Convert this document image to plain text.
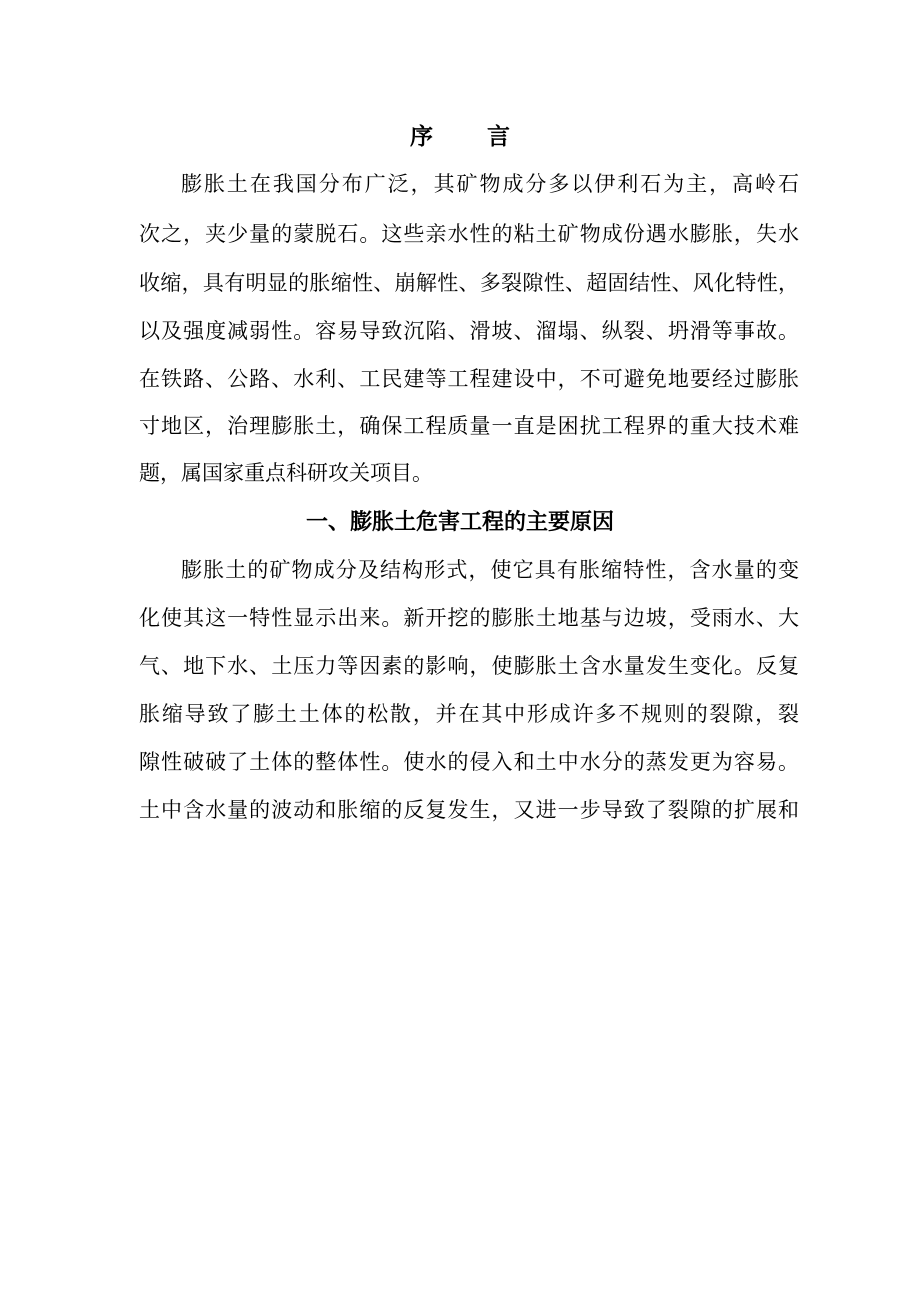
序 言
膨胀土在我国分布广泛，其矿物成分多以伊利石为主，高岭石
次之，夹少量的蒙脱石。这些亲水性的粘土矿物成份遇水膨胀，失水
收缩，具有明显的胀缩性、崩解性、多裂隙性、超固结性、风化特性，
以及强度减弱性。容易导致沉陷、滑坡、溜塌、纵裂、坍滑等事故。
在铁路、公路、水利、工民建等工程建设中，不可避免地要经过膨胀
寸地区，治理膨胀土，确保工程质量一直是困扰工程界的重大技术难
题，属国家重点科研攻关项目。
一、膨胀土危害工程的主要原因
膨胀土的矿物成分及结构形式，使它具有胀缩特性，含水量的变
化使其这一特性显示出来。新开挖的膨胀土地基与边坡，受雨水、大
气、地下水、土压力等因素的影响，使膨胀土含水量发生变化。反复
胀缩导致了膨土土体的松散，并在其中形成许多不规则的裂隙，裂
隙性破破了土体的整体性。使水的侵入和土中水分的蒸发更为容易。
土中含水量的波动和胀缩的反复发生，又进一步导致了裂隙的扩展和
